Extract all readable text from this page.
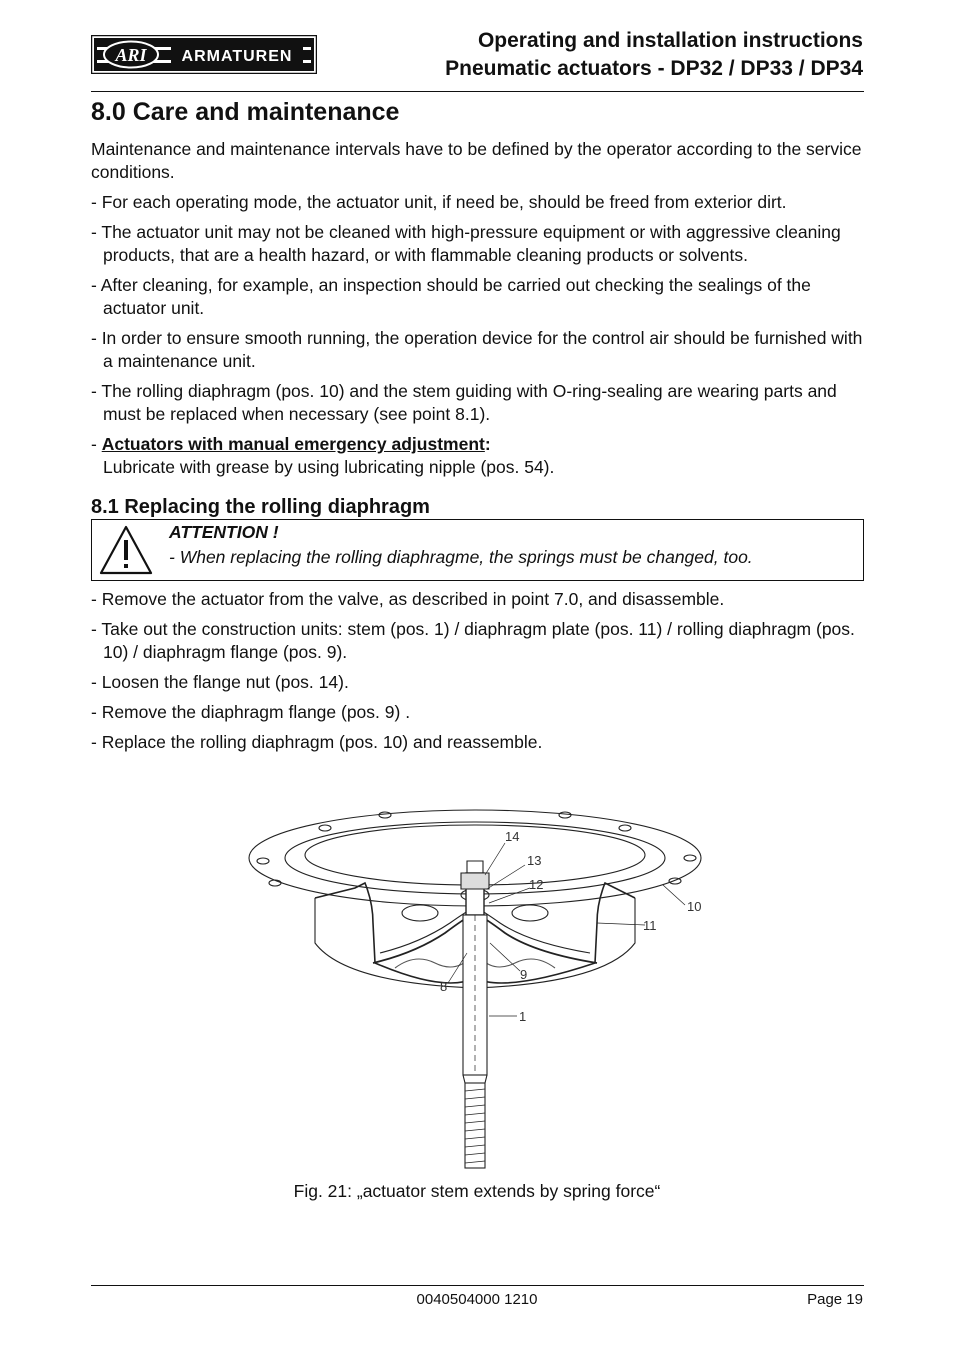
ARI ARMATUREN
Operating and installation instructions
Pneumatic actuators - DP32 / DP33 / DP34
8.0 Care and maintenance

Maintenance and maintenance intervals have to be defined by the operator according to the service conditions.

- For each operating mode, the actuator unit, if need be, should be freed from exterior dirt.
- The actuator unit may not be cleaned with high-pressure equipment or with aggressive cleaning products, that are a health hazard, or with flammable cleaning products or solvents.
- After cleaning, for example, an inspection should be carried out checking the sealings of the actuator unit.
- In order to ensure smooth running, the operation device for the control air should be furnished with a maintenance unit.
- The rolling diaphragm (pos. 10) and the stem guiding with O-ring-sealing are wearing parts and must be replaced when necessary (see point 8.1).
- Actuators with manual emergency adjustment:
Lubricate with grease by using lubricating nipple (pos. 54).
8.1 Replacing the rolling diaphragm
ATTENTION !
- When replacing the rolling diaphragme, the springs must be changed, too.
- Remove the actuator from the valve, as described in point 7.0, and disassemble.
- Take out the construction units: stem (pos. 1) / diaphragm plate (pos. 11) / rolling diaphragm (pos. 10) / diaphragm flange (pos. 9).
- Loosen the flange nut (pos. 14).
- Remove the diaphragm flange (pos. 9) .
- Replace the rolling diaphragm (pos. 10) and reassemble.
14
13
12
10
11
9
8
1
Fig. 21: „actuator stem extends by spring force“
0040504000 1210	Page 19
